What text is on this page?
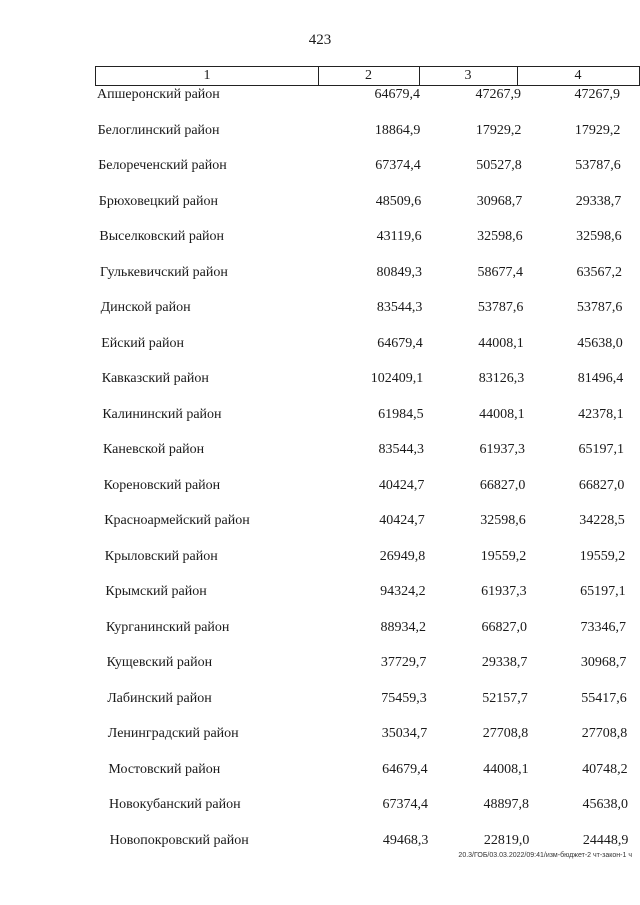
423
1	2	3	4
Апшеронский район	64679,4	47267,9	47267,9
Белоглинский район	18864,9	17929,2	17929,2
Белореченский район	67374,4	50527,8	53787,6
Брюховецкий район	48509,6	30968,7	29338,7
Выселковский район	43119,6	32598,6	32598,6
Гулькевичский район	80849,3	58677,4	63567,2
Динской район	83544,3	53787,6	53787,6
Ейский район	64679,4	44008,1	45638,0
Кавказский район	102409,1	83126,3	81496,4
Калининский район	61984,5	44008,1	42378,1
Каневской район	83544,3	61937,3	65197,1
Кореновский район	40424,7	66827,0	66827,0
Красноармейский район	40424,7	32598,6	34228,5
Крыловский район	26949,8	19559,2	19559,2
Крымский район	94324,2	61937,3	65197,1
Курганинский район	88934,2	66827,0	73346,7
Кущевский район	37729,7	29338,7	30968,7
Лабинский район	75459,3	52157,7	55417,6
Ленинградский район	35034,7	27708,8	27708,8
Мостовский район	64679,4	44008,1	40748,2
Новокубанский район	67374,4	48897,8	45638,0
Новопокровский район	49468,3	22819,0	24448,9
20.3/ГОБ/03.03.2022/09:41/изм-бюджет-2 чт-закон-1 ч
